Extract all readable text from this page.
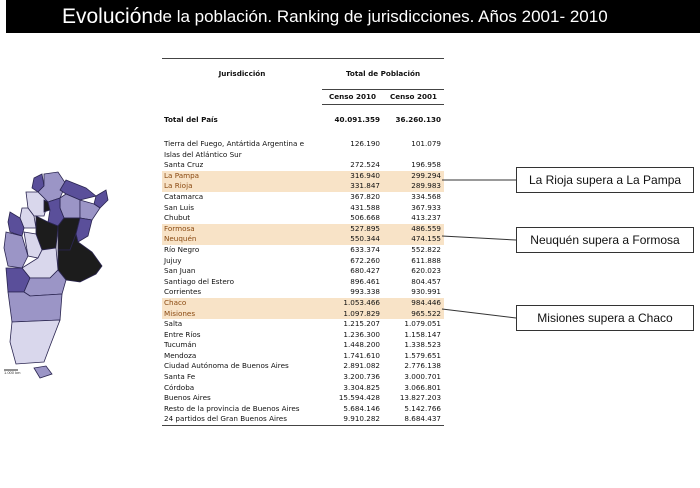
Evolución de la población. Ranking de jurisdicciones. Años 2001- 2010
1.000 km
Jurisdicción	Total de Población	
	Censo 2010	Censo 2001

Total del País	40.091.359	36.260.130

Tierra del Fuego, Antártida Argentina e	126.190	101.079
Islas del Atlántico Sur		
Santa Cruz	272.524	196.958
La Pampa	316.940	299.294
La Rioja	331.847	289.983
Catamarca	367.820	334.568
San Luis	431.588	367.933
Chubut	506.668	413.237
Formosa	527.895	486.559
Neuquén	550.344	474.155
Río Negro	633.374	552.822
Jujuy	672.260	611.888
San Juan	680.427	620.023
Santiago del Estero	896.461	804.457
Corrientes	993.338	930.991
Chaco	1.053.466	984.446
Misiones	1.097.829	965.522
Salta	1.215.207	1.079.051
Entre Ríos	1.236.300	1.158.147
Tucumán	1.448.200	1.338.523
Mendoza	1.741.610	1.579.651
Ciudad Autónoma de Buenos Aires	2.891.082	2.776.138
Santa Fe	3.200.736	3.000.701
Córdoba	3.304.825	3.066.801
Buenos Aires	15.594.428	13.827.203
Resto de la provincia de Buenos Aires	5.684.146	5.142.766
24 partidos del Gran Buenos Aires	9.910.282	8.684.437
La Rioja supera a La Pampa
Neuquén supera a Formosa
Misiones supera a Chaco
